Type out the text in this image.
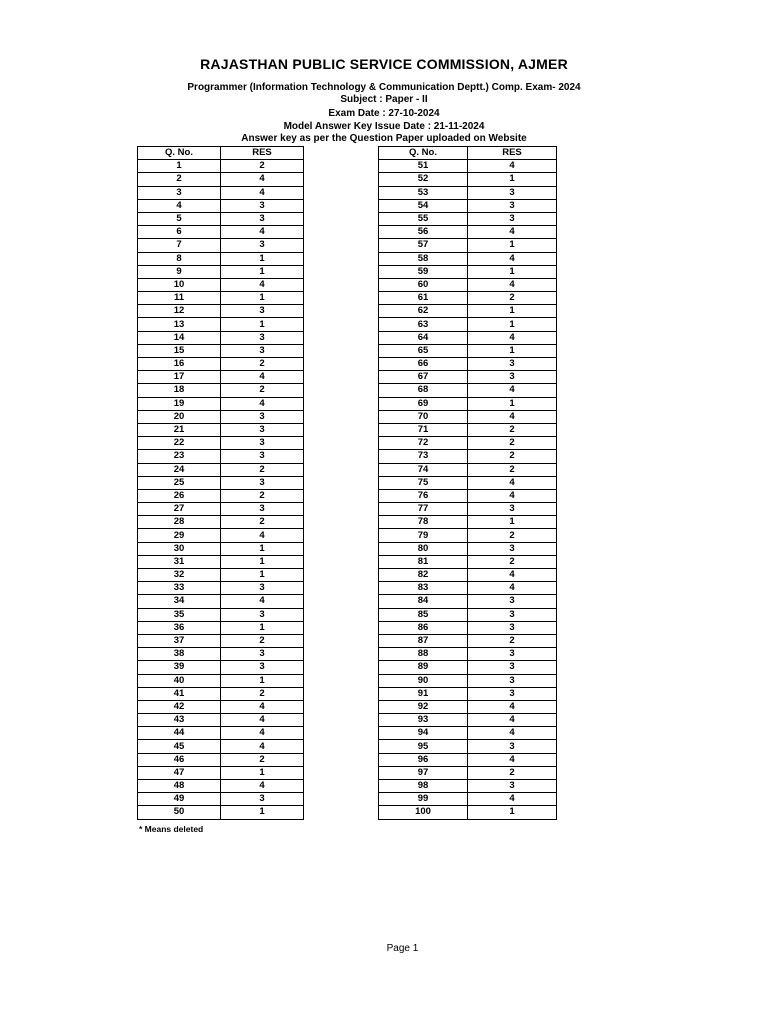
RAJASTHAN PUBLIC SERVICE COMMISSION, AJMER
Programmer (Information Technology & Communication Deptt.) Comp. Exam- 2024
Subject : Paper - II
Exam Date : 27-10-2024
Model Answer Key Issue Date : 21-11-2024
Answer key as per the Question Paper uploaded on Website
Q. No.	RES
1	2
2	4
3	4
4	3
5	3
6	4
7	3
8	1
9	1
10	4
11	1
12	3
13	1
14	3
15	3
16	2
17	4
18	2
19	4
20	3
21	3
22	3
23	3
24	2
25	3
26	2
27	3
28	2
29	4
30	1
31	1
32	1
33	3
34	4
35	3
36	1
37	2
38	3
39	3
40	1
41	2
42	4
43	4
44	4
45	4
46	2
47	1
48	4
49	3
50	1
Q. No.	RES
51	4
52	1
53	3
54	3
55	3
56	4
57	1
58	4
59	1
60	4
61	2
62	1
63	1
64	4
65	1
66	3
67	3
68	4
69	1
70	4
71	2
72	2
73	2
74	2
75	4
76	4
77	3
78	1
79	2
80	3
81	2
82	4
83	4
84	3
85	3
86	3
87	2
88	3
89	3
90	3
91	3
92	4
93	4
94	4
95	3
96	4
97	2
98	3
99	4
100	1
* Means deleted
Page 1
